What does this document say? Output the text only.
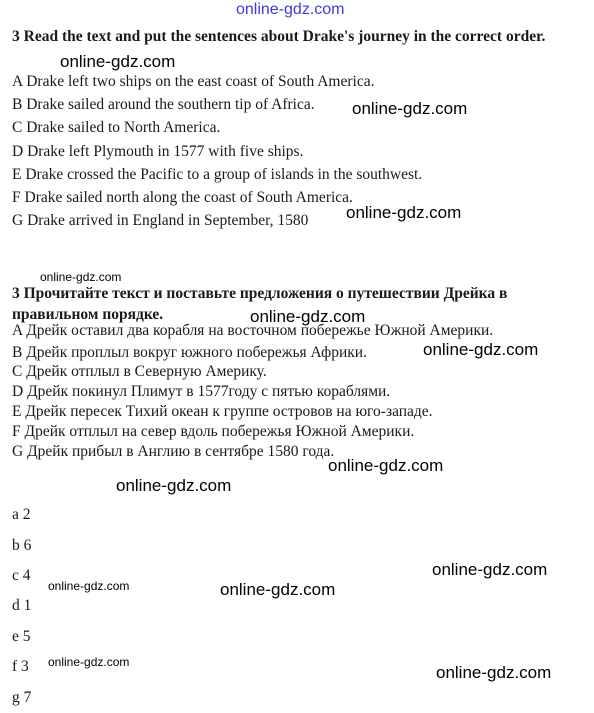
online-gdz.com
3 Read the text and put the sentences about Drake's journey in the correct order.
A Drake left two ships on the east coast of South America.
B Drake sailed around the southern tip of Africa.
C Drake sailed to North America.
D Drake left Plymouth in 1577 with five ships.
E Drake crossed the Pacific to a group of islands in the southwest.
F Drake sailed north along the coast of South America.
G Drake arrived in England in September, 1580
3 Прочитайте текст и поставьте предложения о путешествии Дрейка в правильном порядке.
A Дрейк оставил два корабля на восточном побережье Южной Америки.
B Дрейк проплыл вокруг южного побережья Африки.
C Дрейк отплыл в Северную Америку.
D Дрейк покинул Плимут в 1577году с пятью кораблями.
E Дрейк пересек Тихий океан к группе островов на юго-западе.
F Дрейк отплыл на север вдоль побережья Южной Америки.
G Дрейк прибыл в Англию в сентябре 1580 года.
a 2
b 6
c 4
d 1
e 5
f 3
g 7
online-gdz.com
online-gdz.com
online-gdz.com
online-gdz.com
online-gdz.com
online-gdz.com
online-gdz.com
online-gdz.com
online-gdz.com
online-gdz.com	online-gdz.com
online-gdz.com
online-gdz.com
